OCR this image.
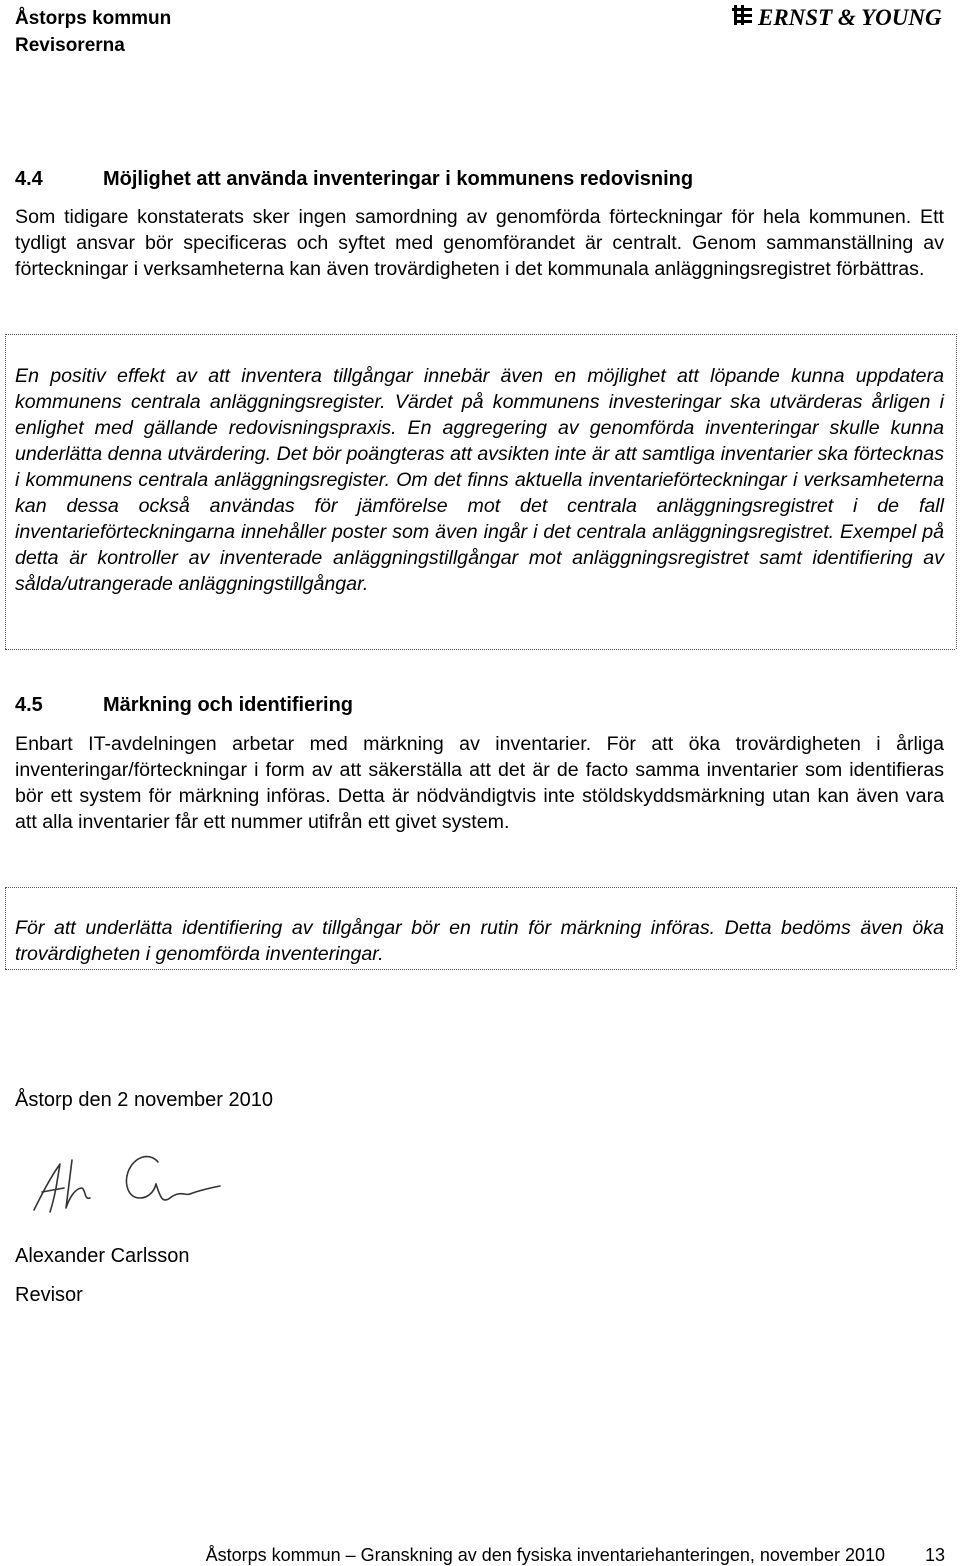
Åstorps kommun
Revisorerna
ERNST & YOUNG
4.4	Möjlighet att använda inventeringar i kommunens redovisning
Som tidigare konstaterats sker ingen samordning av genomförda förteckningar för hela kommunen. Ett tydligt ansvar bör specificeras och syftet med genomförandet är centralt. Genom sammanställning av förteckningar i verksamheterna kan även trovärdigheten i det kommunala anläggningsregistret förbättras.
En positiv effekt av att inventera tillgångar innebär även en möjlighet att löpande kunna uppdatera kommunens centrala anläggningsregister. Värdet på kommunens investeringar ska utvärderas årligen i enlighet med gällande redovisningspraxis. En aggregering av genomförda inventeringar skulle kunna underlätta denna utvärdering. Det bör poängteras att avsikten inte är att samtliga inventarier ska förtecknas i kommunens centrala anläggningsregister. Om det finns aktuella inventarieförteckningar i verksamheterna kan dessa också användas för jämförelse mot det centrala anläggningsregistret i de fall inventarieförteckningarna innehåller poster som även ingår i det centrala anläggningsregistret. Exempel på detta är kontroller av inventerade anläggningstillgångar mot anläggningsregistret samt identifiering av sålda/utrangerade anläggningstillgångar.
4.5	Märkning och identifiering
Enbart IT-avdelningen arbetar med märkning av inventarier. För att öka trovärdigheten i årliga inventeringar/förteckningar i form av att säkerställa att det är de facto samma inventarier som identifieras bör ett system för märkning införas. Detta är nödvändigtvis inte stöldskyddsmärkning utan kan även vara att alla inventarier får ett nummer utifrån ett givet system.
För att underlätta identifiering av tillgångar bör en rutin för märkning införas. Detta bedöms även öka trovärdigheten i genomförda inventeringar.
Åstorp den 2 november 2010
Alexander Carlsson
Revisor
Åstorps kommun – Granskning av den fysiska inventariehanteringen, november 2010 13
